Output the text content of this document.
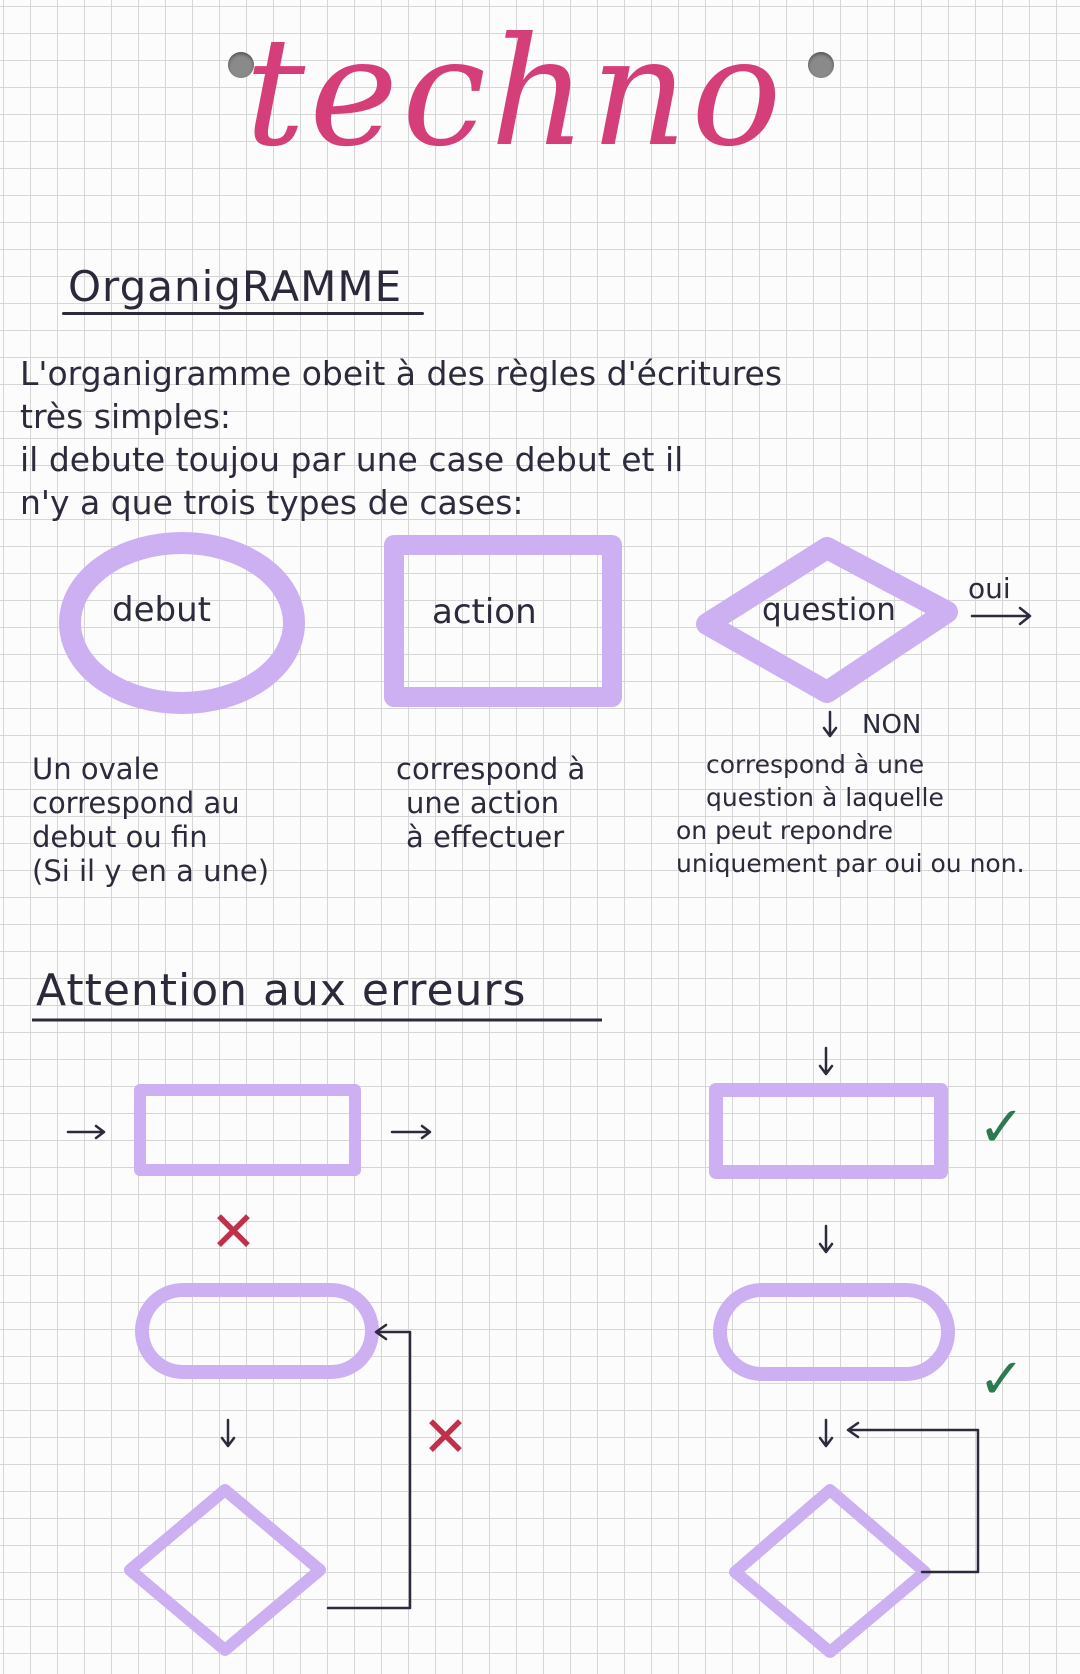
techno
OrganigRAMME
L'organigramme obeit à des règles d'écritures
très simples:
il debute toujou par une case debut et il
n'y a que trois types de cases:
debut	action	question
oui
NON
Un ovale
correspond au
debut ou fin
(Si il y en a une)
correspond à
une action
à effectuer
correspond à une
question à laquelle
on peut repondre
uniquement par oui ou non.
Attention aux erreurs
✕
✕
✓
✓
